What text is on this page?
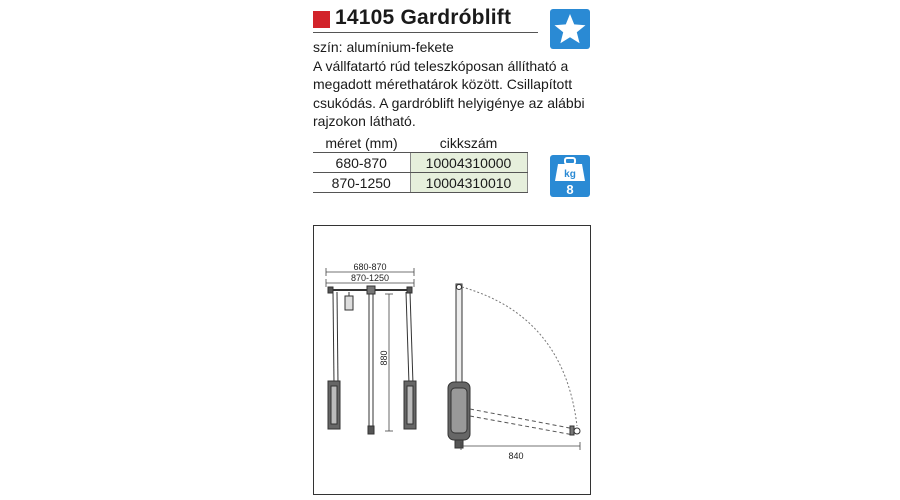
14105 Gardróblift
szín: alumínium-fekete
A vállfatartó rúd teleszkóposan állítható a
megadott mérethatárok között. Csillapított
csukódás. A gardróblift helyigénye az alábbi
rajzokon látható.
méret (mm)	cikkszám
680-870	10004310000
870-1250	10004310010	kg
8
680-870
870-1250
880
840
